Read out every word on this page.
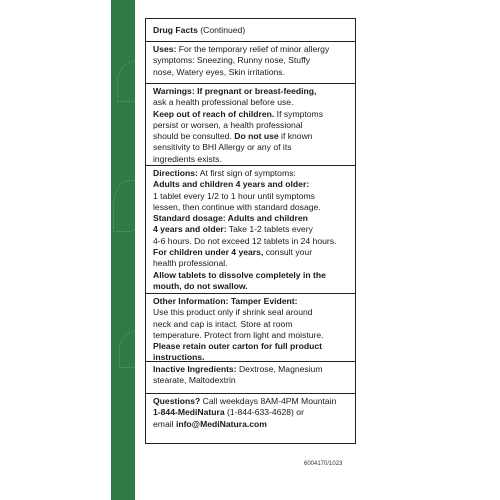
Drug Facts (Continued)
Uses: For the temporary relief of minor allergy
symptoms: Sneezing, Runny nose, Stuffy
nose, Watery eyes, Skin irritations.
Warnings: If pregnant or breast-feeding,
ask a health professional before use.
Keep out of reach of children. If symptoms
persist or worsen, a health professional
should be consulted. Do not use if known
sensitivity to BHI Allergy or any of its
ingredients exists.
Directions: At first sign of symptoms:
Adults and children 4 years and older:
1 tablet every 1/2 to 1 hour until symptoms
lessen, then continue with standard dosage.
Standard dosage: Adults and children
4 years and older: Take 1-2 tablets every
4-6 hours. Do not exceed 12 tablets in 24 hours.
For children under 4 years, consult your
health professional.
Allow tablets to dissolve completely in the
mouth, do not swallow.
Other Information: Tamper Evident:
Use this product only if shrink seal around
neck and cap is intact. Store at room
temperature. Protect from light and moisture.
Please retain outer carton for full product
instructions.
Inactive Ingredients: Dextrose, Magnesium
stearate, Maltodextrin
Questions? Call weekdays 8AM-4PM Mountain
1-844-MediNatura (1-844-633-4628) or
email info@MediNatura.com
6004170/1023
